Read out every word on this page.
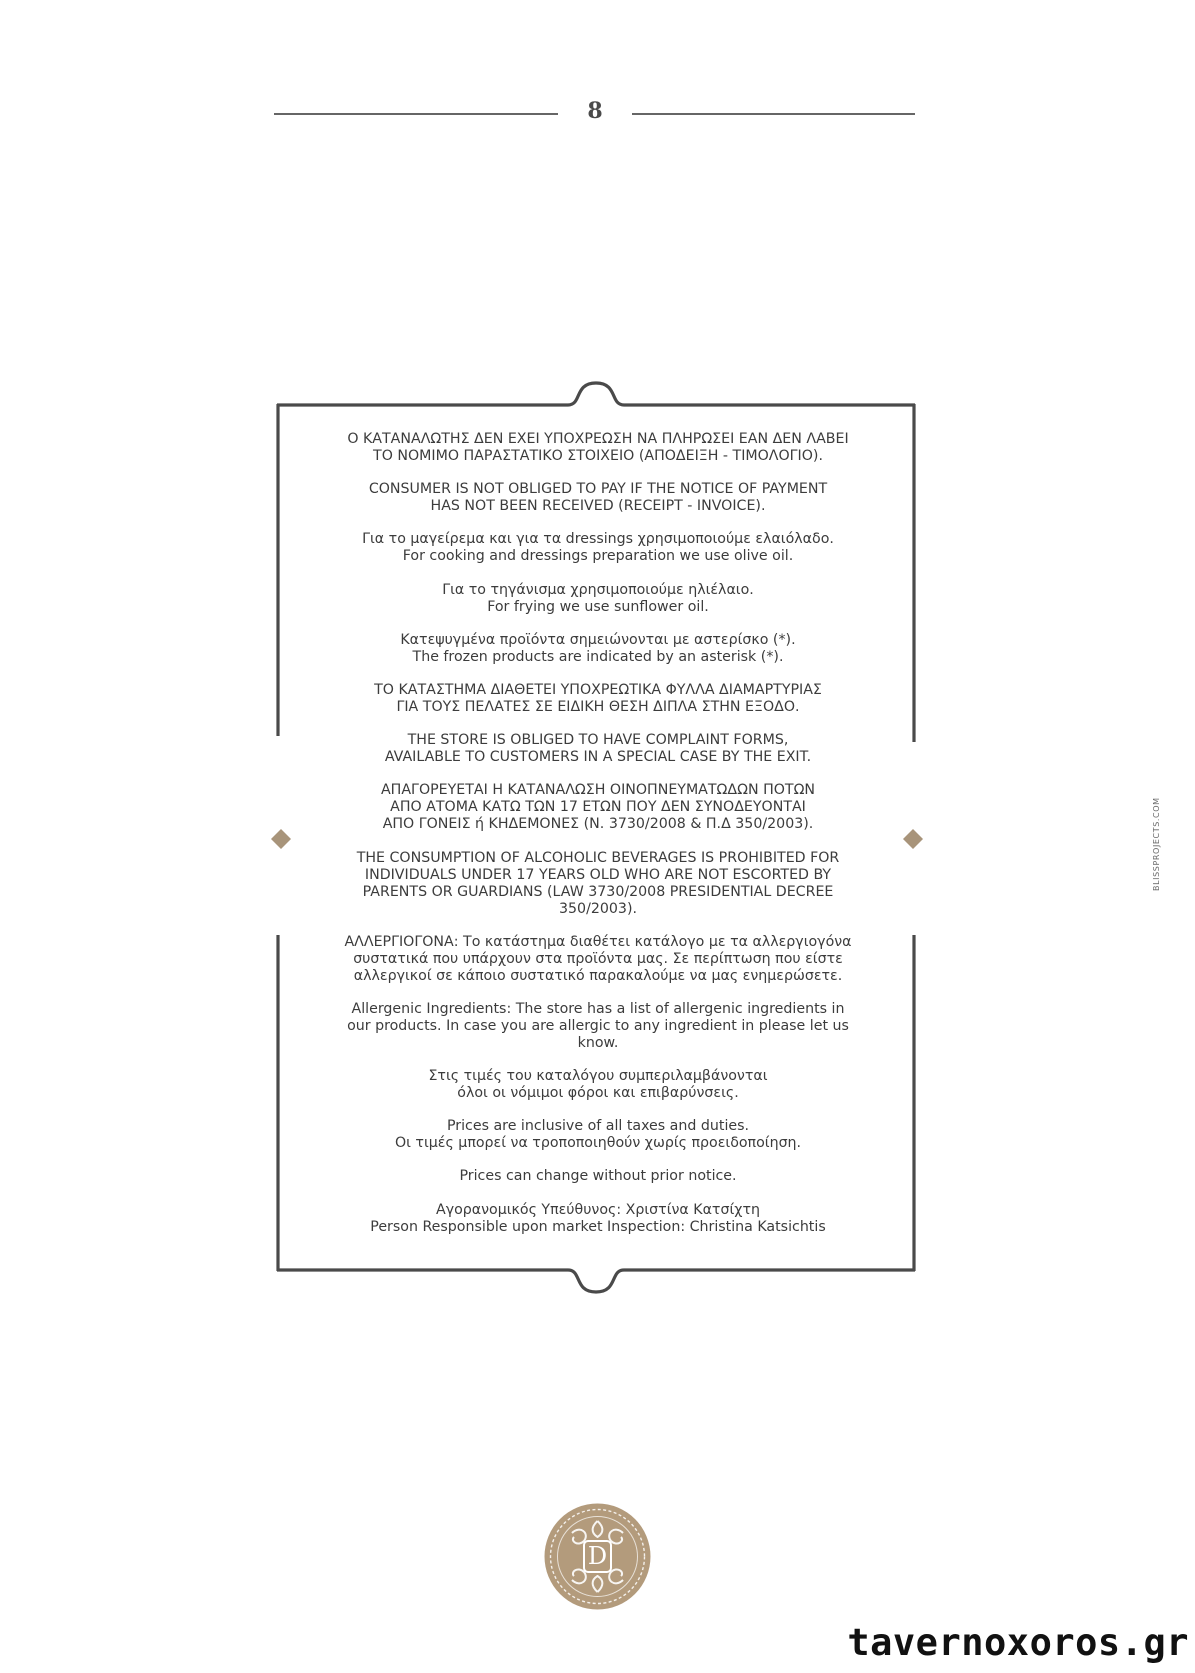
8

Ο ΚΑΤΑΝΑΛΩΤΗΣ ΔΕΝ ΕΧΕΙ ΥΠΟΧΡΕΩΣΗ ΝΑ ΠΛΗΡΩΣΕΙ ΕΑΝ ΔΕΝ ΛΑΒΕΙ
ΤΟ ΝΟΜΙΜΟ ΠΑΡΑΣΤΑΤΙΚΟ ΣΤΟΙΧΕΙΟ (ΑΠΟΔΕΙΞΗ - ΤΙΜΟΛΟΓΙΟ).

CONSUMER IS NOT OBLIGED TO PAY IF THE NOTICE OF PAYMENT
HAS NOT BEEN RECEIVED (RECEIPT - INVOICE).

Για το μαγείρεμα και για τα dressings χρησιμοποιούμε ελαιόλαδο.
For cooking and dressings preparation we use olive oil.

Για το τηγάνισμα χρησιμοποιούμε ηλιέλαιο.
For frying we use sunflower oil.

Κατεψυγμένα προϊόντα σημειώνονται με αστερίσκο (*).
The frozen products are indicated by an asterisk (*).

ΤΟ ΚΑΤΑΣΤΗΜΑ ΔΙΑΘΕΤΕΙ ΥΠΟΧΡΕΩΤΙΚΑ ΦΥΛΛΑ ΔΙΑΜΑΡΤΥΡΙΑΣ
ΓΙΑ ΤΟΥΣ ΠΕΛΑΤΕΣ ΣΕ ΕΙΔΙΚΗ ΘΕΣΗ ΔΙΠΛΑ ΣΤΗΝ ΕΞΟΔΟ.

THE STORE IS OBLIGED TO HAVE COMPLAINT FORMS,
AVAILABLE TO CUSTOMERS IN A SPECIAL CASE BY THE EXIT.

ΑΠΑΓΟΡΕΥΕΤΑΙ Η ΚΑΤΑΝΑΛΩΣΗ ΟΙΝΟΠΝΕΥΜΑΤΩΔΩΝ ΠΟΤΩΝ
ΑΠΟ ΑΤΟΜΑ ΚΑΤΩ ΤΩΝ 17 ΕΤΩΝ ΠΟΥ ΔΕΝ ΣΥΝΟΔΕΥΟΝΤΑΙ
ΑΠΟ ΓΟΝΕΙΣ ή ΚΗΔΕΜΟΝΕΣ (Ν. 3730/2008 & Π.Δ 350/2003).

THE CONSUMPTION OF ALCOHOLIC BEVERAGES IS PROHIBITED FOR
INDIVIDUALS UNDER 17 YEARS OLD WHO ARE NOT ESCORTED BY
PARENTS OR GUARDIANS (LAW 3730/2008 PRESIDENTIAL DECREE
350/2003).

ΑΛΛΕΡΓΙΟΓΟΝΑ: Το κατάστημα διαθέτει κατάλογο με τα αλλεργιογόνα
συστατικά που υπάρχουν στα προϊόντα μας. Σε περίπτωση που είστε
αλλεργικοί σε κάποιο συστατικό παρακαλούμε να μας ενημερώσετε.

Allergenic Ingredients: The store has a list of allergenic ingredients in
our products. In case you are allergic to any ingredient in please let us
know.

Στις τιμές του καταλόγου συμπεριλαμβάνονται
όλοι οι νόμιμοι φόροι και επιβαρύνσεις.

Prices are inclusive of all taxes and duties.
Οι τιμές μπορεί να τροποποιηθούν χωρίς προειδοποίηση.

Prices can change without prior notice.

Αγορανομικός Υπεύθυνος: Χριστίνα Κατσίχτη
Person Responsible upon market Inspection: Christina Katsichtis

BLISSPROJECTS.COM
D
tavernoxoros.gr
